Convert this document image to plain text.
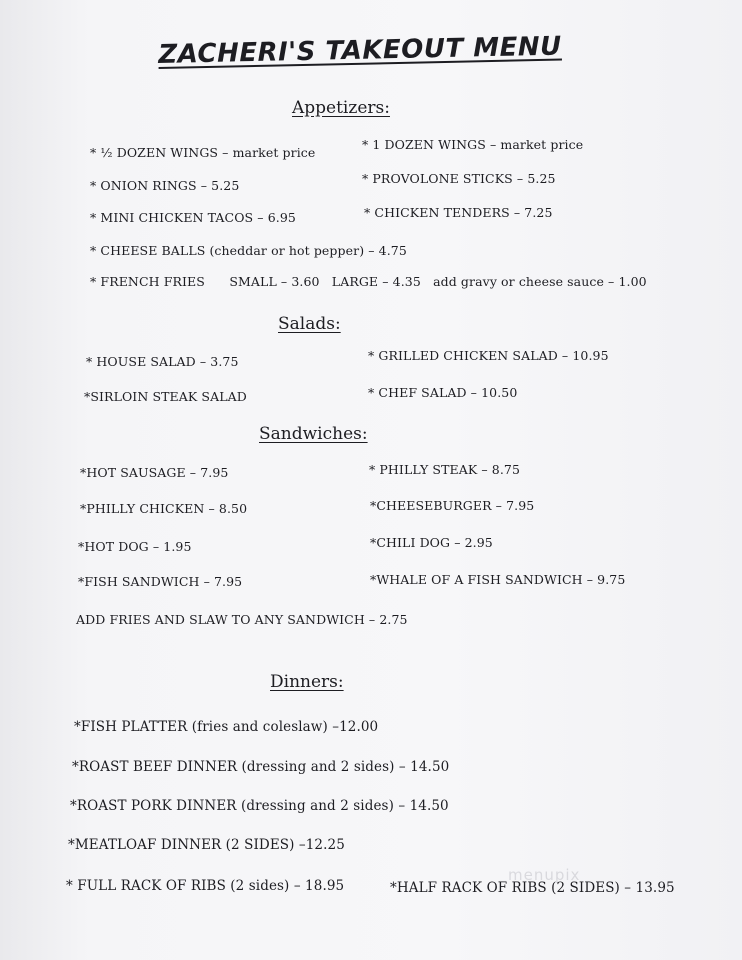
ZACHERI'S TAKEOUT MENU
Appetizers:
* ½ DOZEN WINGS – market price
* 1 DOZEN WINGS – market price
* ONION RINGS – 5.25	* PROVOLONE STICKS – 5.25
* MINI CHICKEN TACOS – 6.95	* CHICKEN TENDERS – 7.25
* CHEESE BALLS (cheddar or hot pepper) – 4.75
* FRENCH FRIES      SMALL – 3.60   LARGE – 4.35   add gravy or cheese sauce – 1.00
Salads:
* HOUSE SALAD – 3.75	* GRILLED CHICKEN SALAD – 10.95
*SIRLOIN STEAK SALAD	* CHEF SALAD – 10.50
Sandwiches:
*HOT SAUSAGE – 7.95	* PHILLY STEAK – 8.75
*PHILLY CHICKEN – 8.50	*CHEESEBURGER – 7.95
*HOT DOG – 1.95	*CHILI DOG – 2.95
*FISH SANDWICH – 7.95	*WHALE OF A FISH SANDWICH – 9.75
ADD FRIES AND SLAW TO ANY SANDWICH – 2.75
Dinners:
*FISH PLATTER (fries and coleslaw) –12.00
*ROAST BEEF DINNER (dressing and 2 sides) – 14.50
*ROAST PORK DINNER (dressing and 2 sides) – 14.50
*MEATLOAF DINNER (2 SIDES) –12.25
* FULL RACK OF RIBS (2 sides) – 18.95	*HALF RACK OF RIBS (2 SIDES) – 13.95
menupix
